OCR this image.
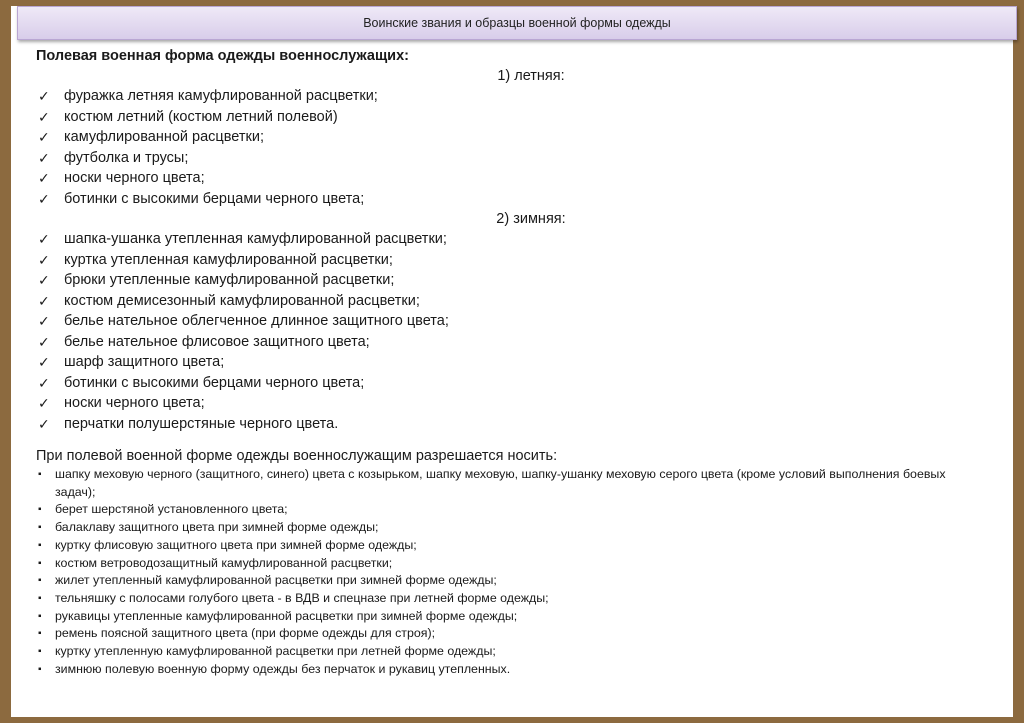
Воинские звания и образцы военной формы одежды
Полевая военная форма одежды военнослужащих:
1) летняя:
✓ фуражка летняя камуфлированной расцветки;
✓ костюм летний (костюм летний полевой)
✓ камуфлированной расцветки;
✓ футболка и трусы;
✓ носки черного цвета;
✓ ботинки с высокими берцами черного цвета;
2) зимняя:
✓ шапка-ушанка утепленная камуфлированной расцветки;
✓ куртка утепленная камуфлированной расцветки;
✓ брюки утепленные камуфлированной расцветки;
✓ костюм демисезонный камуфлированной расцветки;
✓ белье нательное облегченное длинное защитного цвета;
✓ белье нательное флисовое защитного цвета;
✓ шарф защитного цвета;
✓ ботинки с высокими берцами черного цвета;
✓ носки черного цвета;
✓ перчатки полушерстяные черного цвета.
При полевой военной форме одежды военнослужащим разрешается носить:
▪ шапку меховую черного (защитного, синего) цвета с козырьком, шапку меховую, шапку-ушанку меховую серого цвета (кроме условий выполнения боевых задач);
▪ берет шерстяной установленного цвета;
▪ балаклаву защитного цвета при зимней форме одежды;
▪ куртку флисовую защитного цвета при зимней форме одежды;
▪ костюм ветроводозащитный камуфлированной расцветки;
▪ жилет утепленный камуфлированной расцветки при зимней форме одежды;
▪ тельняшку с полосами голубого цвета - в ВДВ и спецназе при летней форме одежды;
▪ рукавицы утепленные камуфлированной расцветки при зимней форме одежды;
▪ ремень поясной защитного цвета (при форме одежды для строя);
▪ куртку утепленную камуфлированной расцветки при летней форме одежды;
▪ зимнюю полевую военную форму одежды без перчаток и рукавиц утепленных.
